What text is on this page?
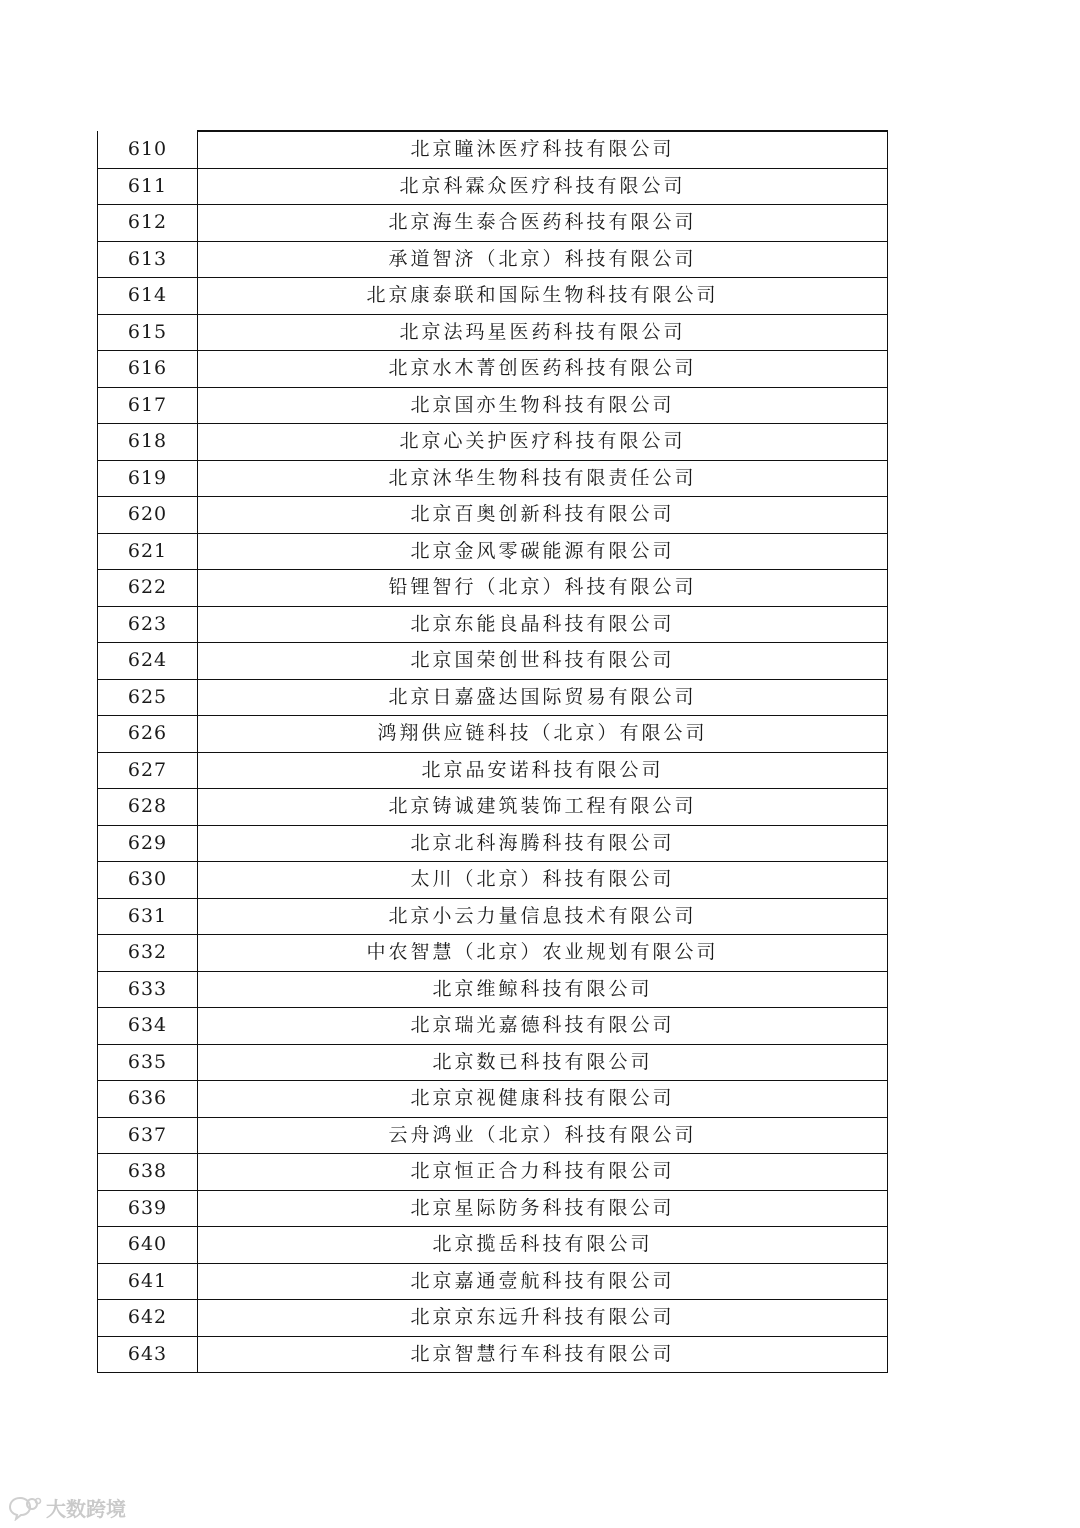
610	北京瞳沐医疗科技有限公司
611	北京科霖众医疗科技有限公司
612	北京海生泰合医药科技有限公司
613	承道智济（北京）科技有限公司
614	北京康泰联和国际生物科技有限公司
615	北京法玛星医药科技有限公司
616	北京水木菁创医药科技有限公司
617	北京国亦生物科技有限公司
618	北京心关护医疗科技有限公司
619	北京沐华生物科技有限责任公司
620	北京百奥创新科技有限公司
621	北京金风零碳能源有限公司
622	铅锂智行（北京）科技有限公司
623	北京东能良晶科技有限公司
624	北京国荣创世科技有限公司
625	北京日嘉盛达国际贸易有限公司
626	鸿翔供应链科技（北京）有限公司
627	北京品安诺科技有限公司
628	北京铸诚建筑装饰工程有限公司
629	北京北科海腾科技有限公司
630	太川（北京）科技有限公司
631	北京小云力量信息技术有限公司
632	中农智慧（北京）农业规划有限公司
633	北京维鲸科技有限公司
634	北京瑞光嘉德科技有限公司
635	北京数已科技有限公司
636	北京京视健康科技有限公司
637	云舟鸿业（北京）科技有限公司
638	北京恒正合力科技有限公司
639	北京星际防务科技有限公司
640	北京揽岳科技有限公司
641	北京嘉通壹航科技有限公司
642	北京京东远升科技有限公司
643	北京智慧行车科技有限公司
大数跨境
